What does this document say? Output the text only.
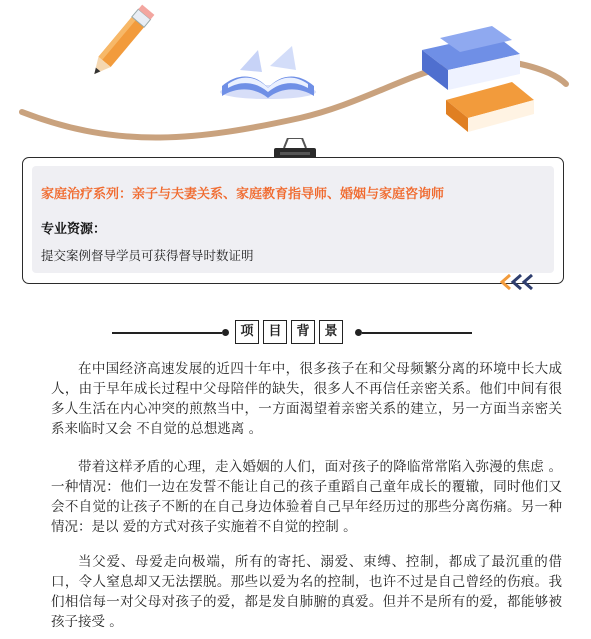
家庭治疗系列：亲子与夫妻关系、家庭教育指导师、婚姻与家庭咨询师
专业资源：
提交案例督导学员可获得督导时数证明
项	目	背	景

在中国经济高速发展的近四十年中，很多孩子在和父母频繁分离的环境中长大成人，由于早年成长过程中父母陪伴的缺失，很多人不再信任亲密关系。他们中间有很多人生活在内心冲突的煎熬当中，一方面渴望着亲密关系的建立，另一方面当亲密关系来临时又会 不自觉的总想逃离 。

带着这样矛盾的心理，走入婚姻的人们，面对孩子的降临常常陷入弥漫的焦虑 。一种情况：他们一边在发誓不能让自己的孩子重蹈自己童年成长的覆辙，同时他们又会不自觉的让孩子不断的在自己身边体验着自己早年经历过的那些分离伤痛。另一种情况：是以 爱的方式对孩子实施着不自觉的控制 。

当父爱、母爱走向极端，所有的寄托、溺爱、束缚、控制，都成了最沉重的借口，令人窒息却又无法摆脱。那些以爱为名的控制，也许不过是自己曾经的伤痕。我们相信每一对父母对孩子的爱，都是发自肺腑的真爱。但并不是所有的爱，都能够被孩子接受 。
